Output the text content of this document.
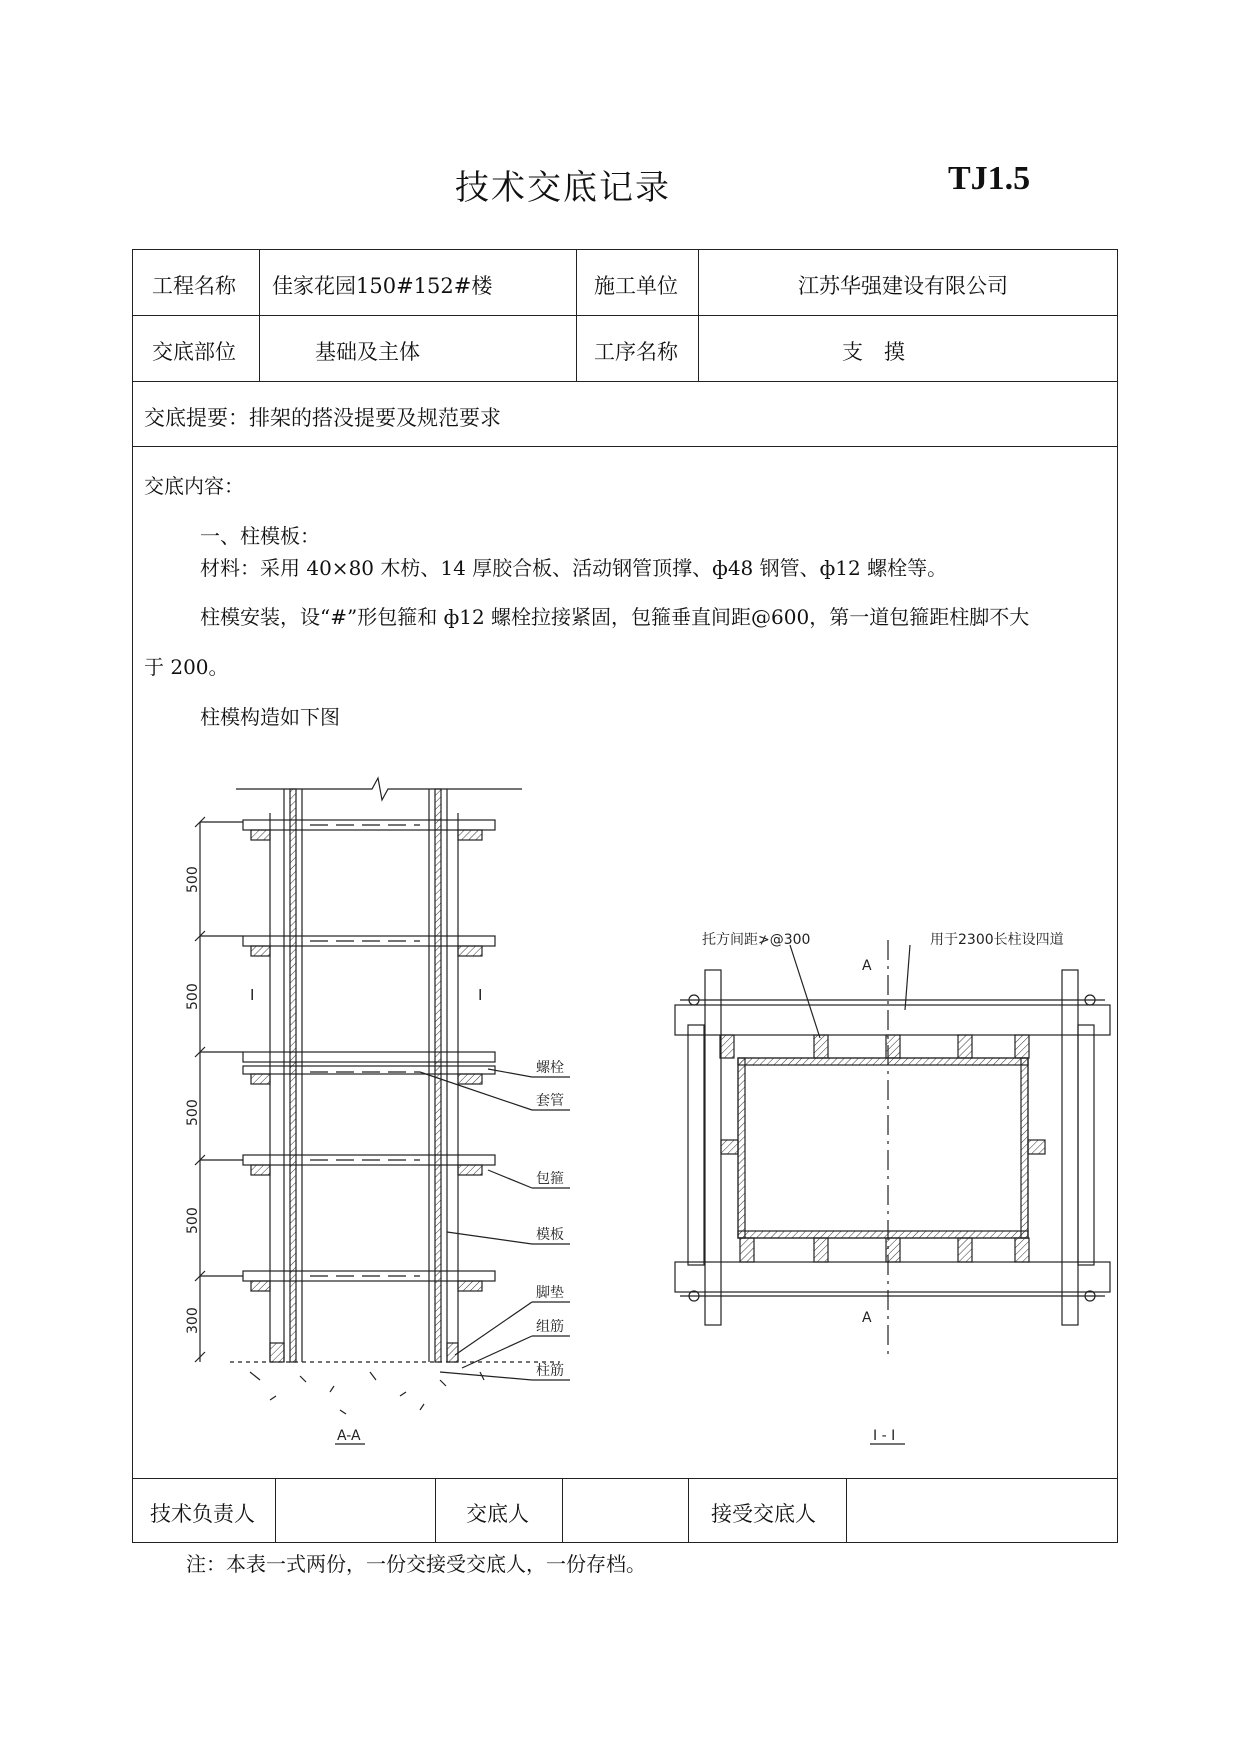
技术交底记录	TJ1.5
工程名称 佳家花园150#152#楼	施工单位	江苏华强建设有限公司
交底部位	基础及主体	工序名称	支　摸
交底提要：排架的搭没提要及规范要求
交底内容：
一、柱模板：
材料：采用 40×80 木枋、14 厚胶合板、活动钢管顶撑、ф48 钢管、ф12 螺栓等。
柱模安装，设“#”形包箍和 ф12 螺栓拉接紧固，包箍垂直间距@600，第一道包箍距柱脚不大
于 200。
柱模构造如下图
500
500
500
500
300
I	I
螺栓
套管
包箍
模板
脚垫
组筋
柱筋
A-A
托方间距≯@300	用于2300长柱设四道
A
A
I - I
技术负责人	交底人	接受交底人
注：本表一式两份，一份交接受交底人，一份存档。
